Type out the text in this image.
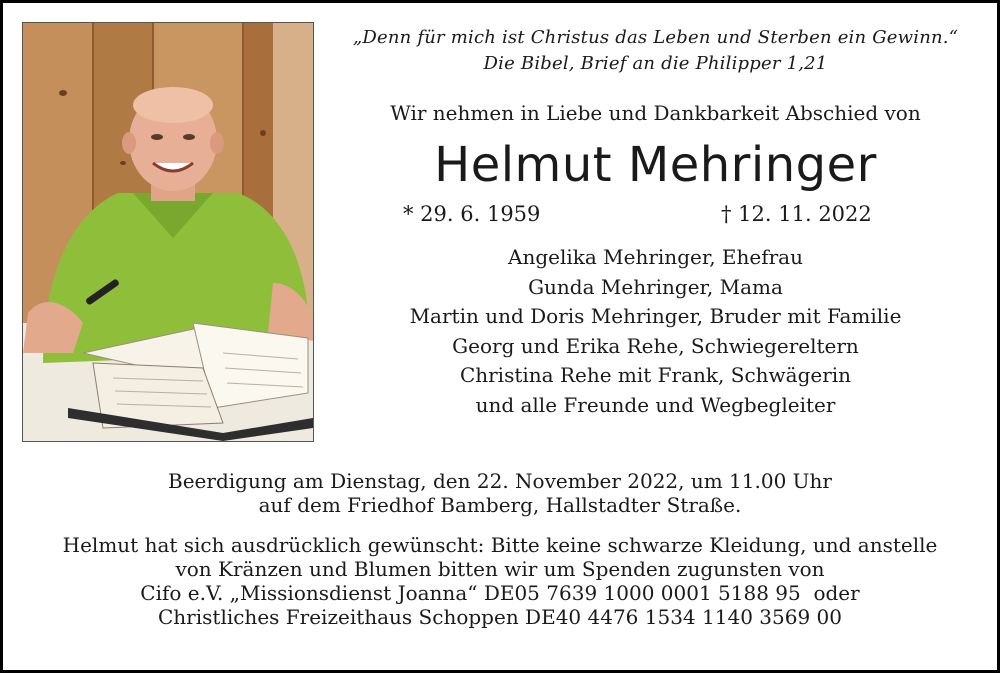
„Denn für mich ist Christus das Leben und Sterben ein Gewinn.“
Die Bibel, Brief an die Philipper 1,21
Wir nehmen in Liebe und Dankbarkeit Abschied von
Helmut Mehringer
* 29. 6. 1959	† 12. 11. 2022
Angelika Mehringer, Ehefrau
Gunda Mehringer, Mama
Martin und Doris Mehringer, Bruder mit Familie
Georg und Erika Rehe, Schwiegereltern
Christina Rehe mit Frank, Schwägerin
und alle Freunde und Wegbegleiter
Beerdigung am Dienstag, den 22. November 2022, um 11.00 Uhr
auf dem Friedhof Bamberg, Hallstadter Straße.
Helmut hat sich ausdrücklich gewünscht: Bitte keine schwarze Kleidung, und anstelle
von Kränzen und Blumen bitten wir um Spenden zugunsten von
Cifo e.V. „Missionsdienst Joanna“ DE05 7639 1000 0001 5188 95  oder
Christliches Freizeithaus Schoppen DE40 4476 1534 1140 3569 00
